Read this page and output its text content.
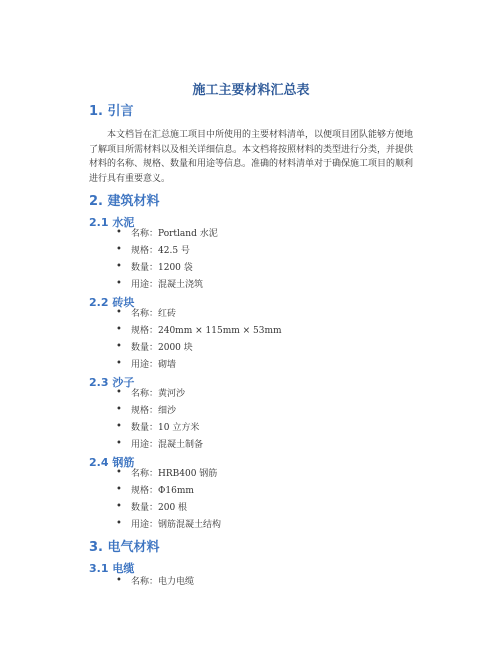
施工主要材料汇总表
1. 引言
本文档旨在汇总施工项目中所使用的主要材料清单，以便项目团队能够方便地了解项目所需材料以及相关详细信息。本文档将按照材料的类型进行分类，并提供材料的名称、规格、数量和用途等信息。准确的材料清单对于确保施工项目的顺利进行具有重要意义。
2. 建筑材料
2.1 水泥
• 名称：Portland 水泥
• 规格：42.5 号
• 数量：1200 袋
• 用途：混凝土浇筑
2.2 砖块
• 名称：红砖
• 规格：240mm × 115mm × 53mm
• 数量：2000 块
• 用途：砌墙
2.3 沙子
• 名称：黄河沙
• 规格：细沙
• 数量：10 立方米
• 用途：混凝土制备
2.4 钢筋
• 名称：HRB400 钢筋
• 规格：Φ16mm
• 数量：200 根
• 用途：钢筋混凝土结构
3. 电气材料
3.1 电缆
• 名称：电力电缆
